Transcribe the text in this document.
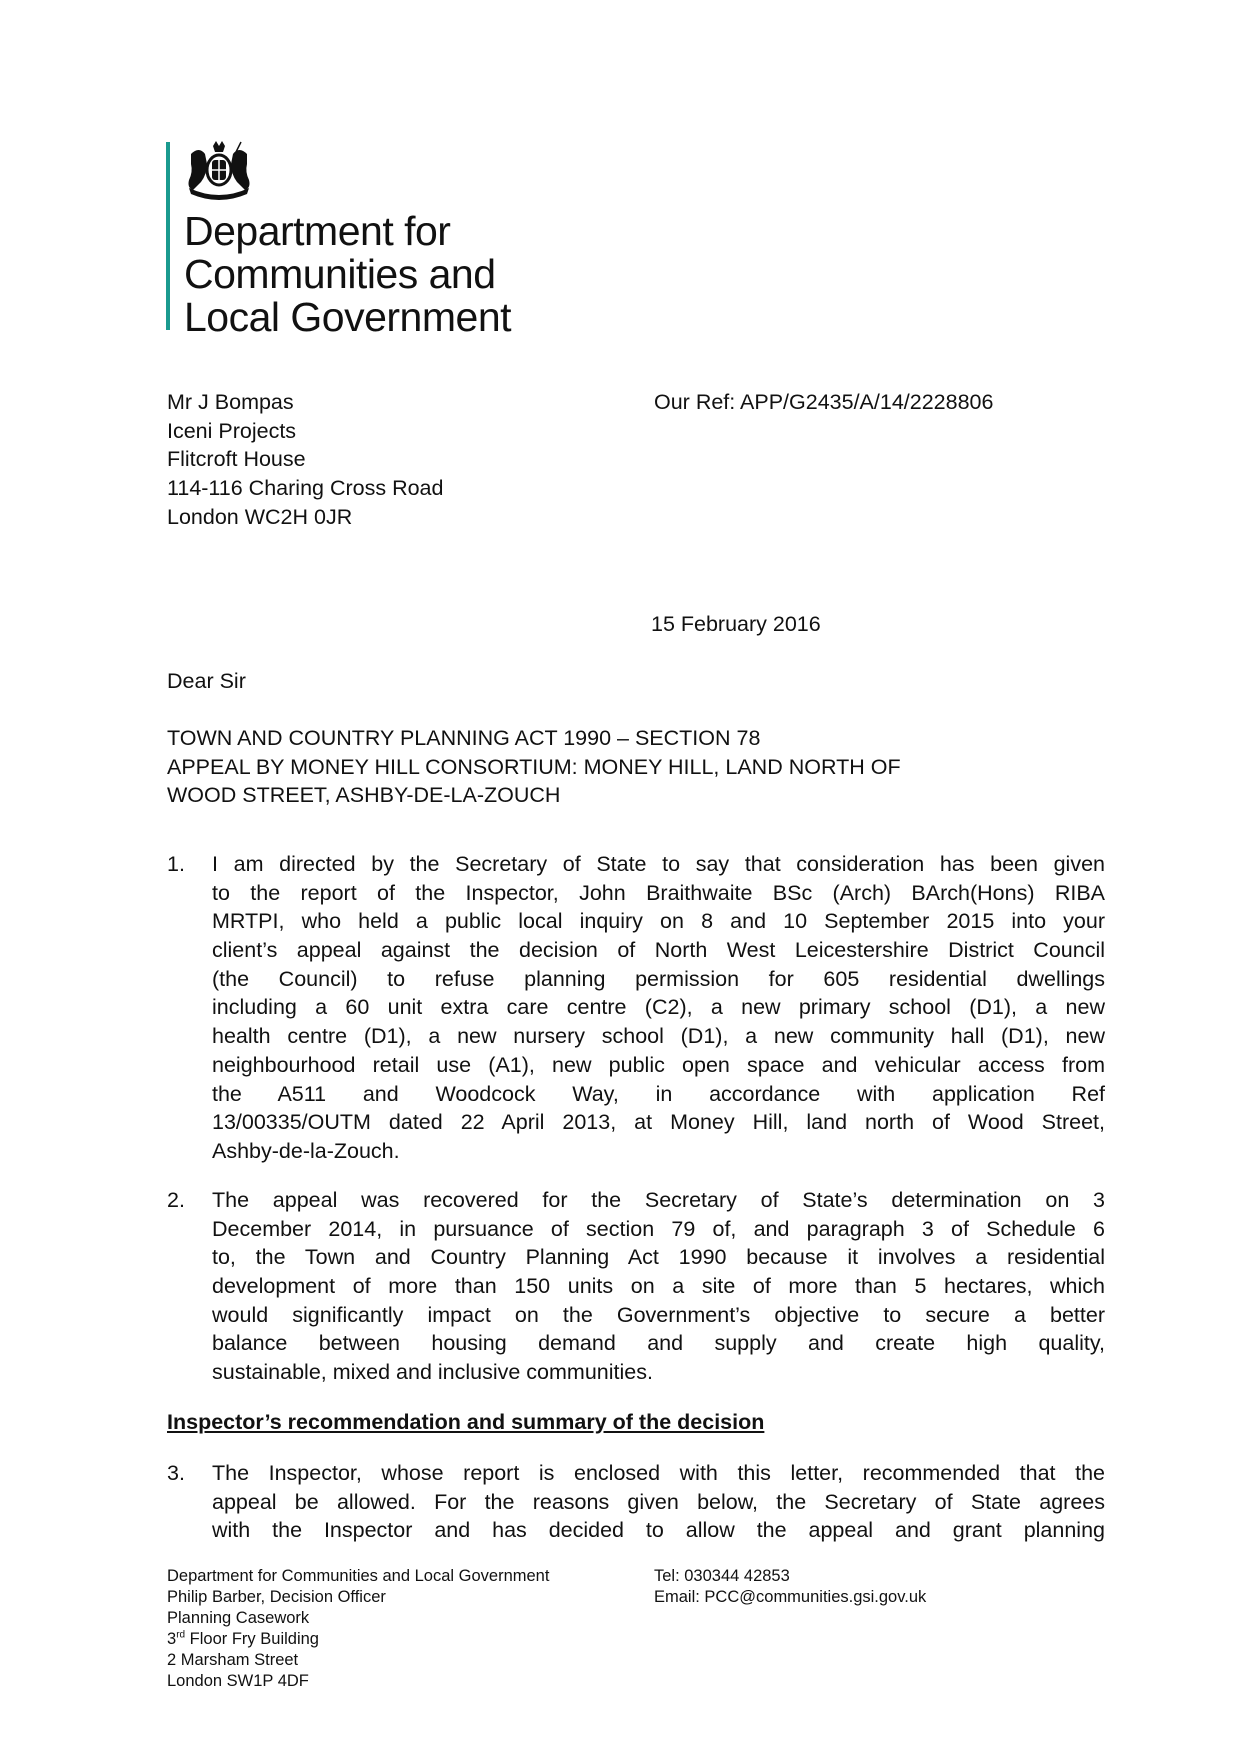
Department for
Communities and
Local Government
Mr J Bompas
Iceni Projects
Flitcroft House
114-116 Charing Cross Road
London WC2H 0JR
Our Ref: APP/G2435/A/14/2228806
15 February 2016
Dear Sir
TOWN AND COUNTRY PLANNING ACT 1990 – SECTION 78
APPEAL BY MONEY HILL CONSORTIUM: MONEY HILL, LAND NORTH OF
WOOD STREET, ASHBY-DE-LA-ZOUCH
1. I am directed by the Secretary of State to say that consideration has been given
to the report of the Inspector, John Braithwaite BSc (Arch) BArch(Hons) RIBA
MRTPI, who held a public local inquiry on 8 and 10 September 2015 into your
client’s appeal against the decision of North West Leicestershire District Council
(the Council) to refuse planning permission for 605 residential dwellings
including a 60 unit extra care centre (C2), a new primary school (D1), a new
health centre (D1), a new nursery school (D1), a new community hall (D1), new
neighbourhood retail use (A1), new public open space and vehicular access from
the A511 and Woodcock Way, in accordance with application Ref
13/00335/OUTM dated 22 April 2013, at Money Hill, land north of Wood Street,
Ashby-de-la-Zouch.
2. The appeal was recovered for the Secretary of State’s determination on 3
December 2014, in pursuance of section 79 of, and paragraph 3 of Schedule 6
to, the Town and Country Planning Act 1990 because it involves a residential
development of more than 150 units on a site of more than 5 hectares, which
would significantly impact on the Government’s objective to secure a better
balance between housing demand and supply and create high quality,
sustainable, mixed and inclusive communities.
Inspector’s recommendation and summary of the decision
3. The Inspector, whose report is enclosed with this letter, recommended that the
appeal be allowed. For the reasons given below, the Secretary of State agrees
with the Inspector and has decided to allow the appeal and grant planning
Department for Communities and Local Government
Philip Barber, Decision Officer
Planning Casework
3rd Floor Fry Building
2 Marsham Street
London SW1P 4DF
Tel: 030344 42853
Email: PCC@communities.gsi.gov.uk
